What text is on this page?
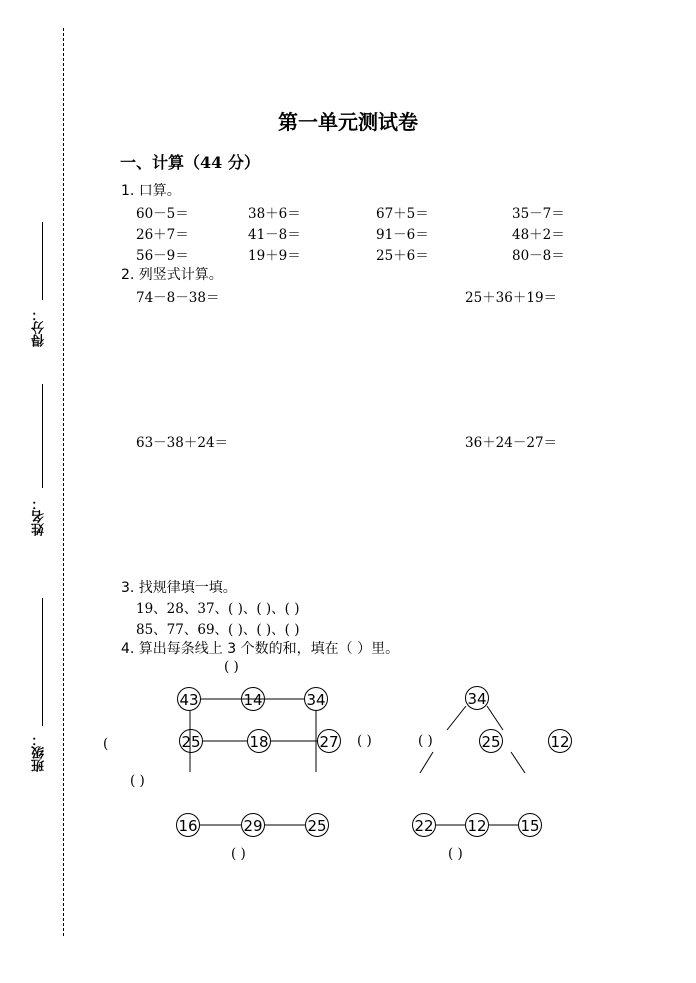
得分：
姓名：
班级：
第一单元测试卷
一、计算（44 分）
1. 口算。
60－5＝	38＋6＝	67＋5＝	35－7＝
26＋7＝	41－8＝	91－6＝	48＋2＝
56－9＝	19＋9＝	25＋6＝	80－8＝
2. 列竖式计算。
74－8－38＝	25＋36＋19＝
63－38＋24＝	36＋24－27＝
3. 找规律填一填。
19、28、37、( )、( )、( )
85、77、69、( )、( )、( )
4. 算出每条线上 3 个数的和，填在（ ）里。
43	14	34
25	18	27
16	29	25
34
25	12
22 12 15
( )
(
( )
( )	( )
( )	( )
